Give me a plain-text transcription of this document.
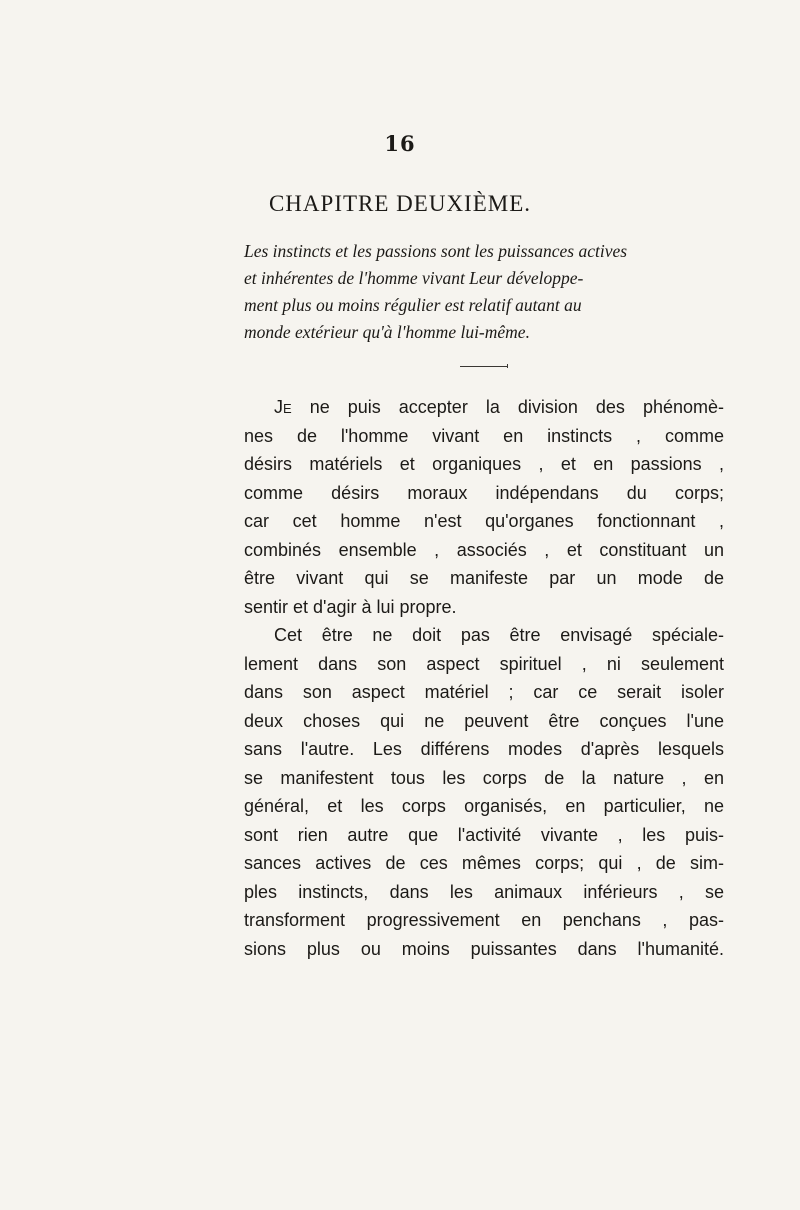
16
CHAPITRE DEUXIÈME.
Les instincts et les passions sont les puissances actives
et inhérentes de l'homme vivant Leur développe-
ment plus ou moins régulier est relatif autant au
monde extérieur qu'à l'homme lui-même.
Je ne puis accepter la division des phénomè-
nes de l'homme vivant en instincts , comme
désirs matériels et organiques , et en passions ,
comme désirs moraux indépendans du corps;
car cet homme n'est qu'organes fonctionnant ,
combinés ensemble , associés , et constituant un
être vivant qui se manifeste par un mode de
sentir et d'agir à lui propre.
Cet être ne doit pas être envisagé spéciale-
lement dans son aspect spirituel , ni seulement
dans son aspect matériel ; car ce serait isoler
deux choses qui ne peuvent être conçues l'une
sans l'autre. Les différens modes d'après lesquels
se manifestent tous les corps de la nature , en
général, et les corps organisés, en particulier, ne
sont rien autre que l'activité vivante , les puis-
sances actives de ces mêmes corps; qui , de sim-
ples instincts, dans les animaux inférieurs , se
transforment progressivement en penchans , pas-
sions plus ou moins puissantes dans l'humanité.
